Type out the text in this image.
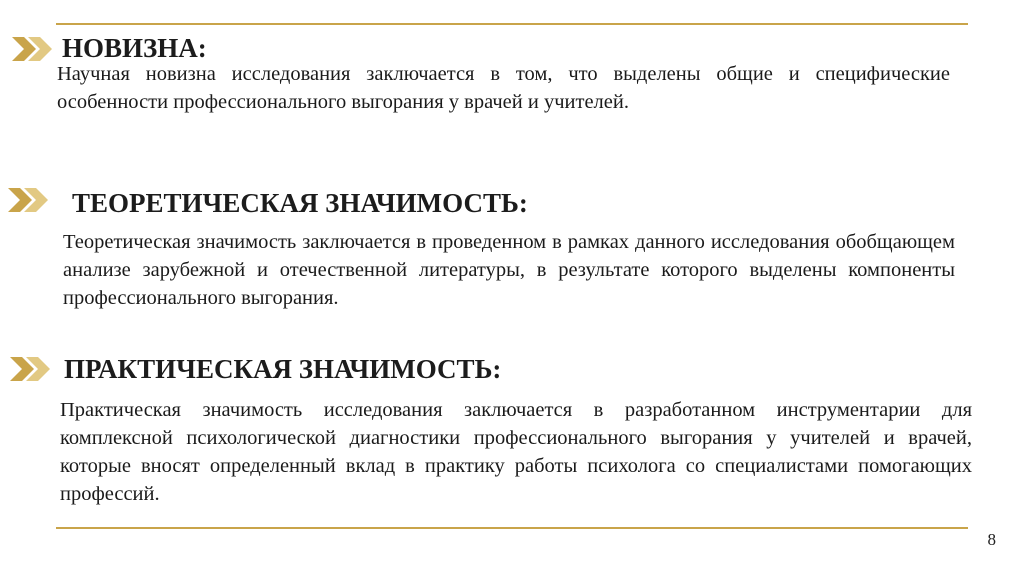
НОВИЗНА:

Научная новизна исследования заключается в том, что выделены общие и специфические особенности профессионального выгорания у врачей и учителей.

ТЕОРЕТИЧЕСКАЯ ЗНАЧИМОСТЬ:

Теоретическая значимость заключается в проведенном в рамках данного исследования обобщающем анализе зарубежной и отечественной литературы, в результате которого выделены компоненты профессионального выгорания.

ПРАКТИЧЕСКАЯ ЗНАЧИМОСТЬ:

Практическая значимость исследования заключается в разработанном инструментарии для комплексной психологической диагностики профессионального выгорания у учителей и врачей, которые вносят определенный вклад в практику работы психолога со специалистами помогающих профессий.

8
